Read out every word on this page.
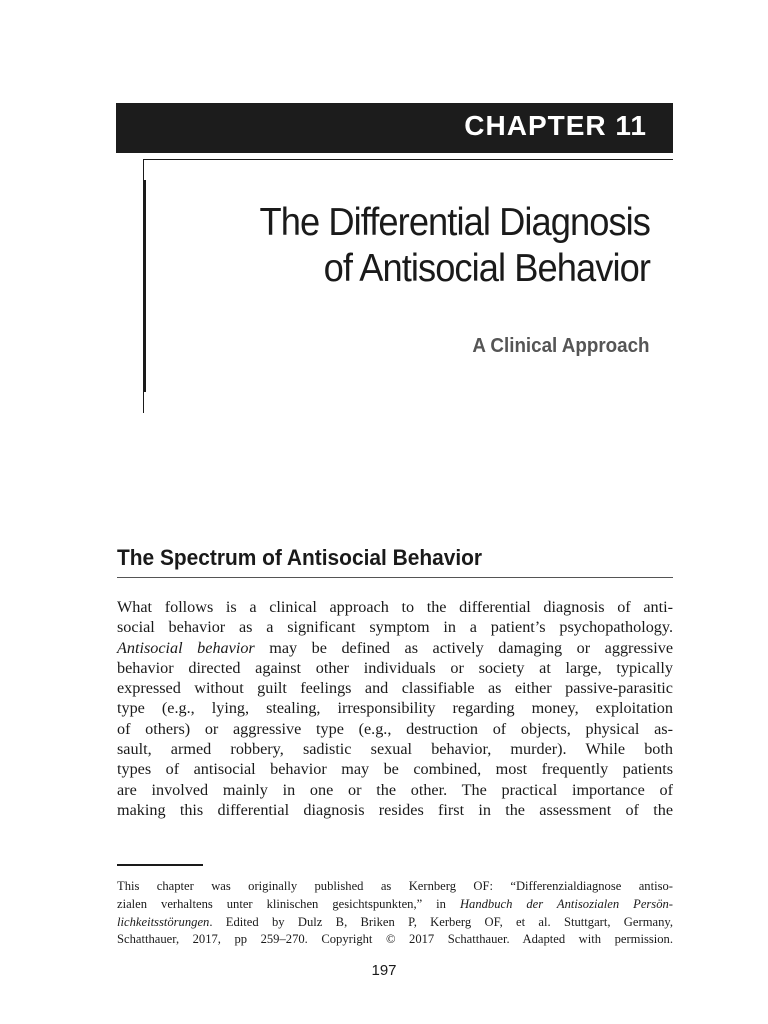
CHAPTER 11
The Differential Diagnosis
of Antisocial Behavior
A Clinical Approach
The Spectrum of Antisocial Behavior
What follows is a clinical approach to the differential diagnosis of anti-
social behavior as a significant symptom in a patient’s psychopathology.
Antisocial behavior may be defined as actively damaging or aggressive
behavior directed against other individuals or society at large, typically
expressed without guilt feelings and classifiable as either passive-parasitic
type (e.g., lying, stealing, irresponsibility regarding money, exploitation
of others) or aggressive type (e.g., destruction of objects, physical as-
sault, armed robbery, sadistic sexual behavior, murder). While both
types of antisocial behavior may be combined, most frequently patients
are involved mainly in one or the other. The practical importance of
making this differential diagnosis resides first in the assessment of the
This chapter was originally published as Kernberg OF: “Differenzialdiagnose antiso-
zialen verhaltens unter klinischen gesichtspunkten,” in Handbuch der Antisozialen Persön-
lichkeitsstörungen. Edited by Dulz B, Briken P, Kerberg OF, et al. Stuttgart, Germany,
Schatthauer, 2017, pp 259–270. Copyright © 2017 Schatthauer. Adapted with permission.
197
